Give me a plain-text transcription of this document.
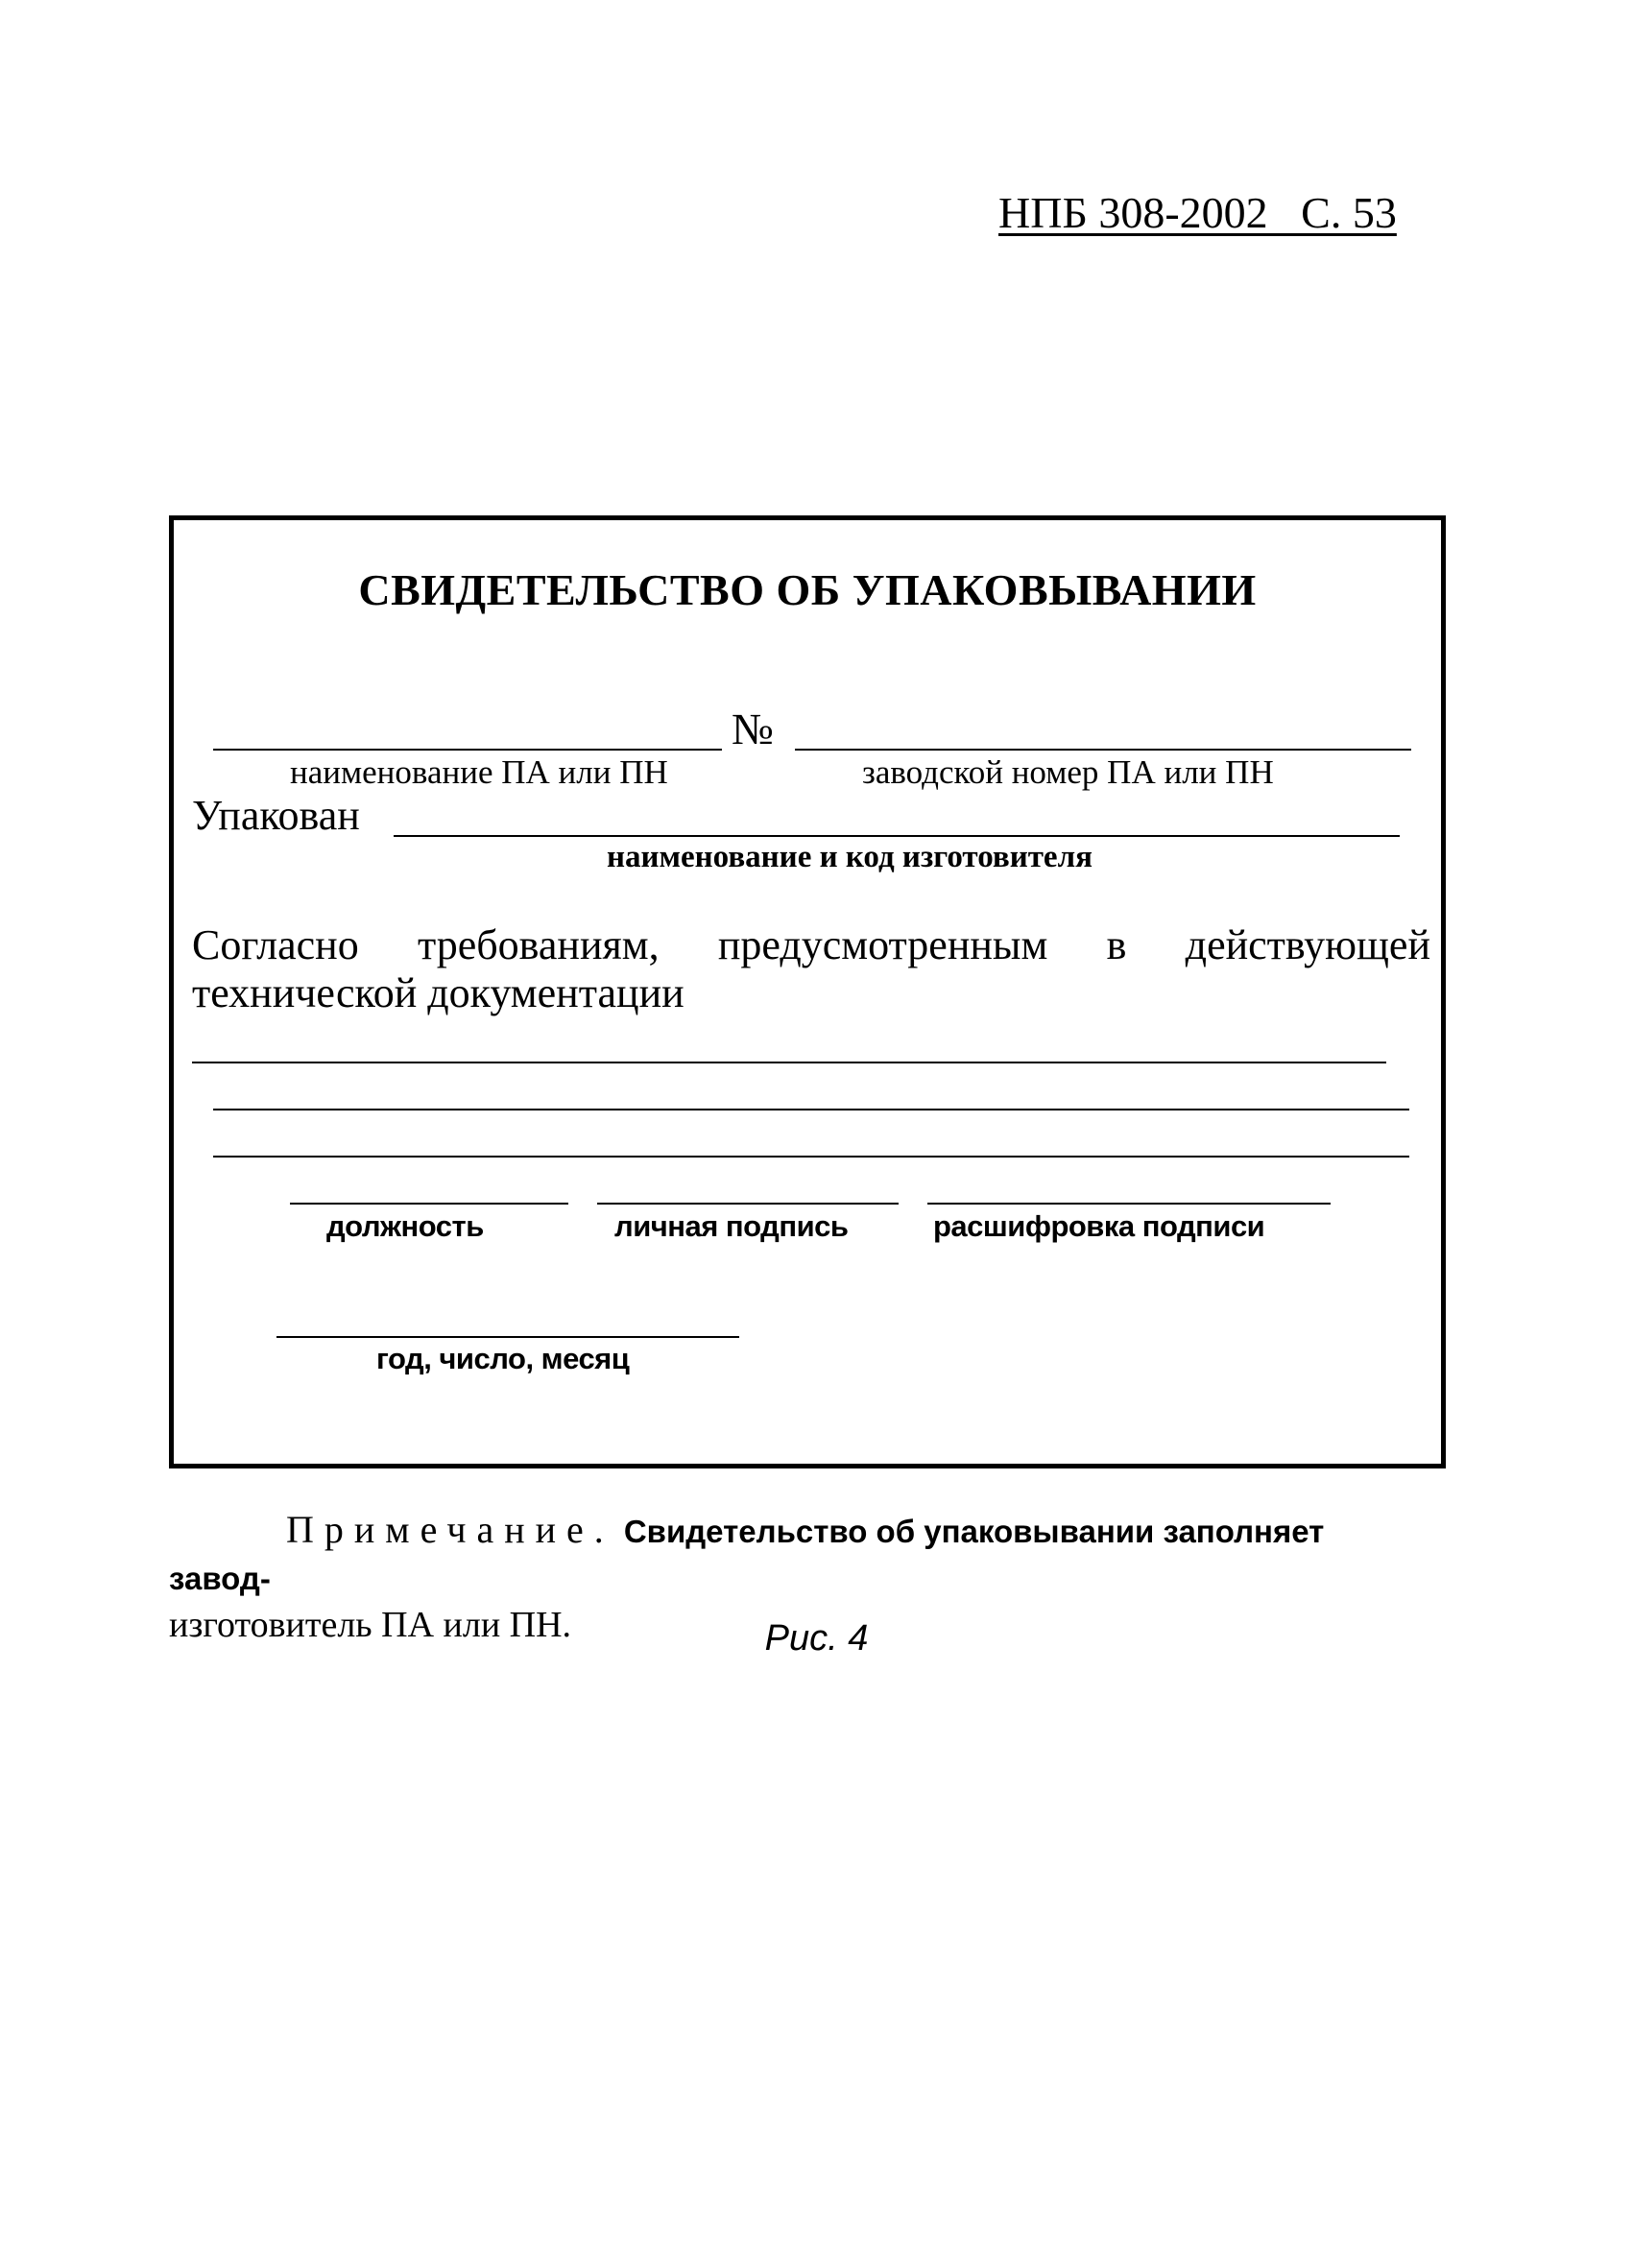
НПБ 308-2002   С. 53
СВИДЕТЕЛЬСТВО ОБ УПАКОВЫВАНИИ
№
наименование ПА или ПН	заводской номер ПА или ПН
Упакован
наименование и код изготовителя
Согласно требованиям, предусмотренным в действующей
технической документации
должность	личная подпись	расшифровка подписи
год, число, месяц
Примечание. Свидетельство об упаковывании заполняет завод-
изготовитель ПА или ПН.	Рис. 4
